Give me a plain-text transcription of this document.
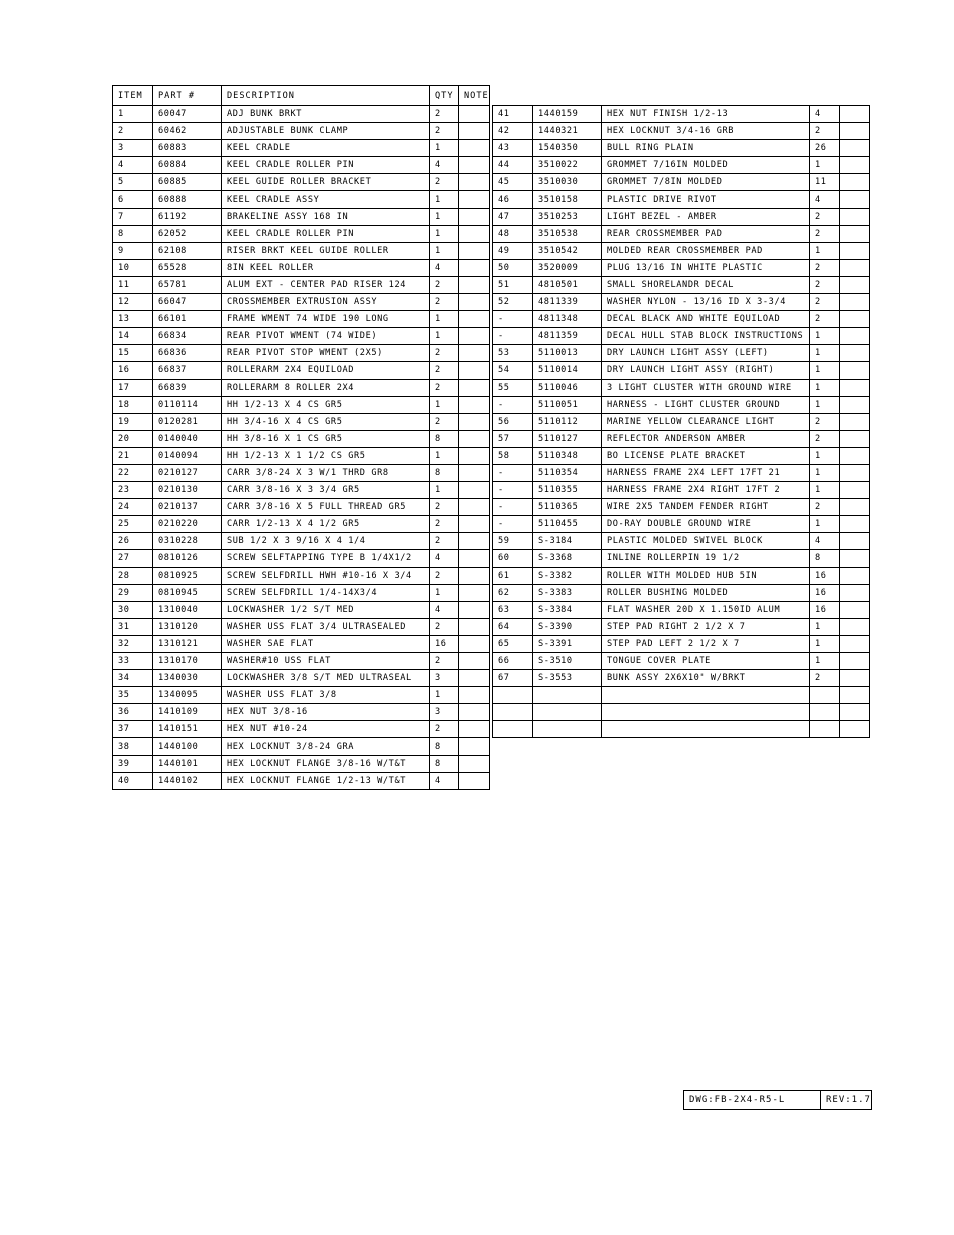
ITEM	PART #	DESCRIPTION	QTY	NOTE
1	60047	ADJ BUNK BRKT	2	
2	60462	ADJUSTABLE BUNK CLAMP	2	
3	60883	KEEL CRADLE	1	
4	60884	KEEL CRADLE ROLLER PIN	4	
5	60885	KEEL GUIDE ROLLER BRACKET	2	
6	60888	KEEL CRADLE ASSY	1	
7	61192	BRAKELINE ASSY 168 IN	1	
8	62052	KEEL CRADLE ROLLER PIN	1	
9	62108	RISER BRKT KEEL GUIDE ROLLER	1	
10	65528	8IN KEEL ROLLER	4	
11	65781	ALUM EXT - CENTER PAD RISER 124	2	
12	66047	CROSSMEMBER EXTRUSION ASSY	2	
13	66101	FRAME WMENT 74 WIDE 190 LONG	1	
14	66834	REAR PIVOT WMENT (74 WIDE)	1	
15	66836	REAR PIVOT STOP WMENT (2X5)	2	
16	66837	ROLLERARM 2X4 EQUILOAD	2	
17	66839	ROLLERARM 8 ROLLER 2X4	2	
18	0110114	HH 1/2-13 X 4 CS GR5	1	
19	0120281	HH 3/4-16 X 4 CS GR5	2	
20	0140040	HH 3/8-16 X 1 CS GR5	8	
21	0140094	HH 1/2-13 X 1 1/2 CS GR5	1	
22	0210127	CARR 3/8-24 X 3 W/1 THRD GR8	8	
23	0210130	CARR 3/8-16 X 3 3/4 GR5	1	
24	0210137	CARR 3/8-16 X 5 FULL THREAD GR5	2	
25	0210220	CARR 1/2-13 X 4 1/2 GR5	2	
26	0310228	SUB 1/2 X 3 9/16 X 4 1/4	2	
27	0810126	SCREW SELFTAPPING TYPE B 1/4X1/2	4	
28	0810925	SCREW SELFDRILL HWH #10-16 X 3/4	2	
29	0810945	SCREW SELFDRILL 1/4-14X3/4	1	
30	1310040	LOCKWASHER 1/2 S/T MED	4	
31	1310120	WASHER USS FLAT 3/4 ULTRASEALED	2	
32	1310121	WASHER SAE FLAT	16	
33	1310170	WASHER#10 USS FLAT	2	
34	1340030	LOCKWASHER 3/8 S/T MED ULTRASEAL	3	
35	1340095	WASHER USS FLAT 3/8	1	
36	1410109	HEX NUT 3/8-16	3	
37	1410151	HEX NUT #10-24	2	
38	1440100	HEX LOCKNUT 3/8-24 GRA	8	
39	1440101	HEX LOCKNUT FLANGE 3/8-16 W/T&T	8	
40	1440102	HEX LOCKNUT FLANGE 1/2-13 W/T&T	4	
41	1440159	HEX NUT FINISH 1/2-13	4	
42	1440321	HEX LOCKNUT 3/4-16 GRB	2	
43	1540350	BULL RING PLAIN	26	
44	3510022	GROMMET 7/16IN MOLDED	1	
45	3510030	GROMMET 7/8IN MOLDED	11	
46	3510158	PLASTIC DRIVE RIVOT	4	
47	3510253	LIGHT BEZEL - AMBER	2	
48	3510538	REAR CROSSMEMBER PAD	2	
49	3510542	MOLDED REAR CROSSMEMBER PAD	1	
50	3520009	PLUG 13/16 IN WHITE PLASTIC	2	
51	4810501	SMALL SHORELANDR DECAL	2	
52	4811339	WASHER NYLON - 13/16 ID X 3-3/4	2	
-	4811348	DECAL BLACK AND WHITE EQUILOAD	2	
-	4811359	DECAL HULL STAB BLOCK INSTRUCTIONS	1	
53	5110013	DRY LAUNCH LIGHT ASSY (LEFT)	1	
54	5110014	DRY LAUNCH LIGHT ASSY (RIGHT)	1	
55	5110046	3 LIGHT CLUSTER WITH GROUND WIRE	1	
-	5110051	HARNESS - LIGHT CLUSTER GROUND	1	
56	5110112	MARINE YELLOW CLEARANCE LIGHT	2	
57	5110127	REFLECTOR ANDERSON AMBER	2	
58	5110348	BO LICENSE PLATE BRACKET	1	
-	5110354	HARNESS FRAME 2X4 LEFT 17FT 21	1	
-	5110355	HARNESS FRAME 2X4 RIGHT 17FT 2	1	
-	5110365	WIRE 2X5 TANDEM FENDER RIGHT	2	
-	5110455	DO-RAY DOUBLE GROUND WIRE	1	
59	S-3184	PLASTIC MOLDED SWIVEL BLOCK	4	
60	S-3368	INLINE ROLLERPIN 19 1/2	8	
61	S-3382	ROLLER WITH MOLDED HUB 5IN	16	
62	S-3383	ROLLER BUSHING MOLDED	16	
63	S-3384	FLAT WASHER 20D X 1.150ID ALUM	16	
64	S-3390	STEP PAD RIGHT 2 1/2 X 7	1	
65	S-3391	STEP PAD LEFT 2 1/2 X 7	1	
66	S-3510	TONGUE COVER PLATE	1	
67	S-3553	BUNK ASSY 2X6X10" W/BRKT	2	

DWG:FB-2X4-R5-L	REV:1.7
